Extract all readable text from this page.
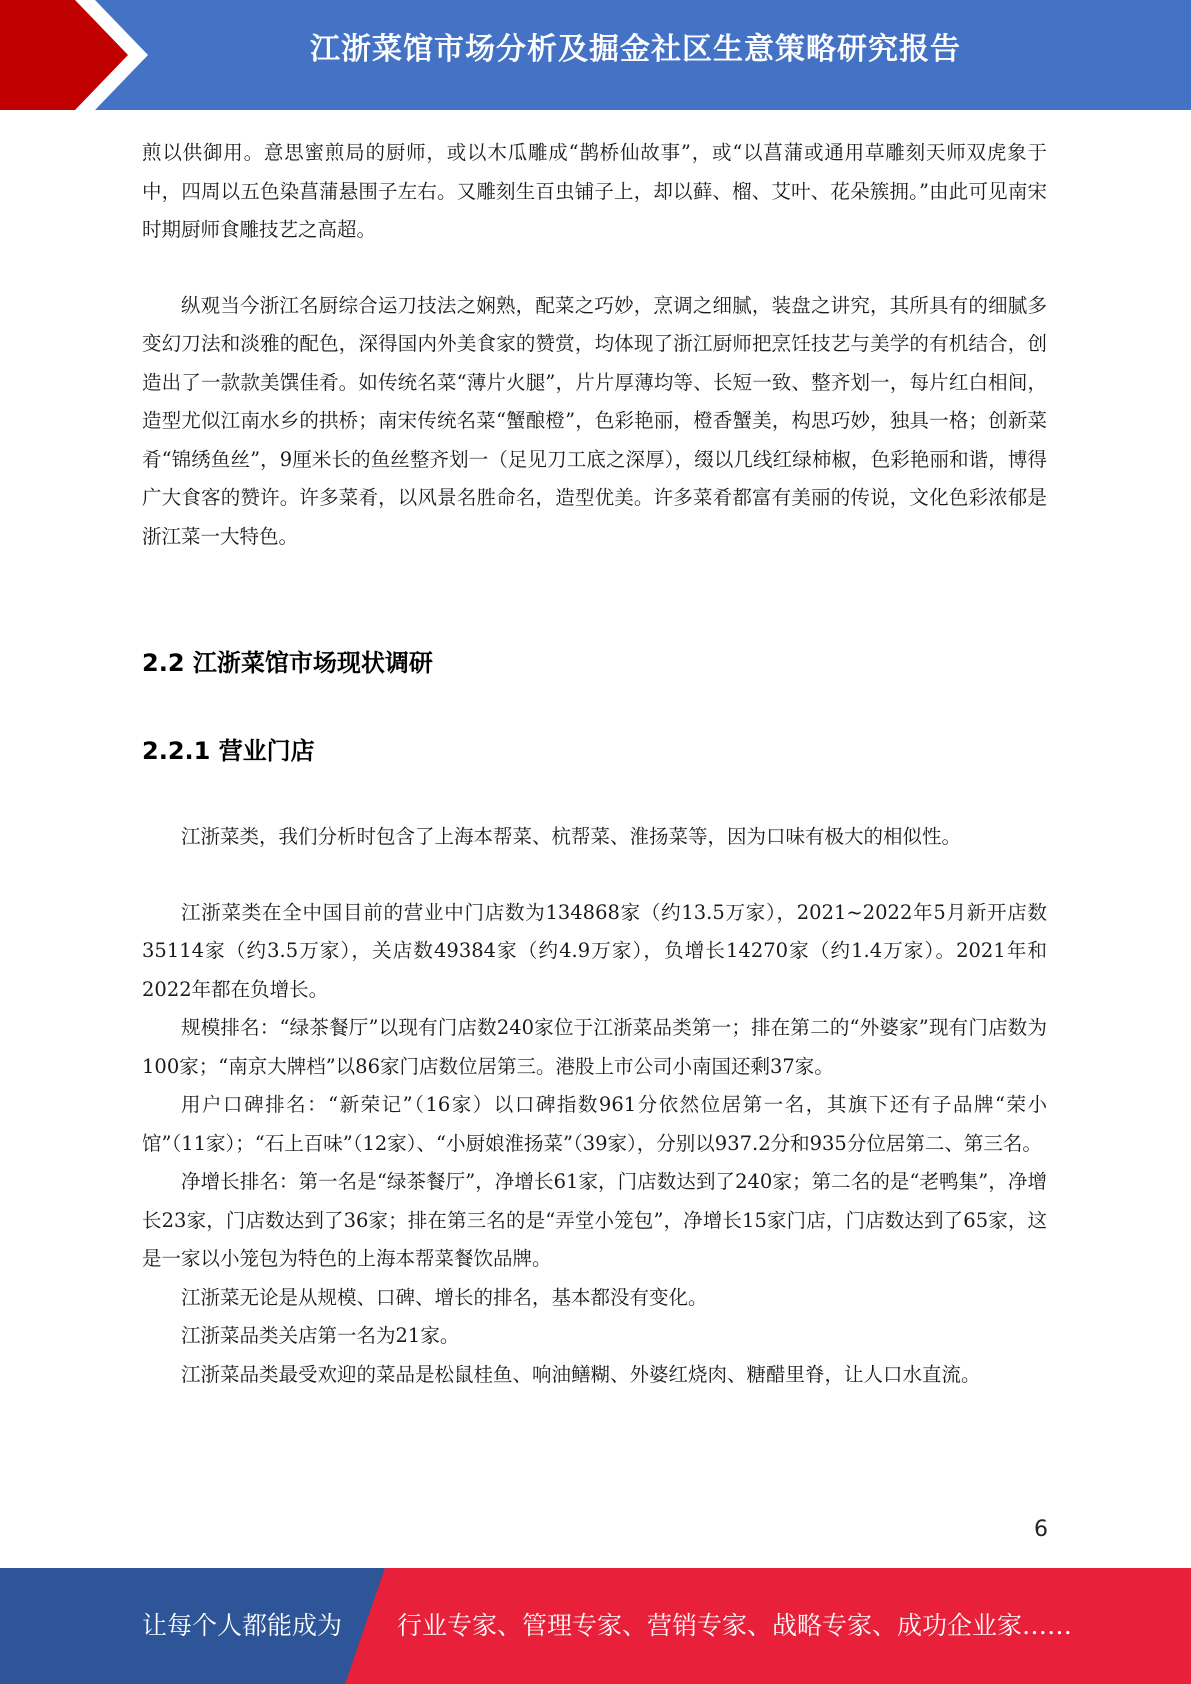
江浙菜馆市场分析及掘金社区生意策略研究报告

煎以供御用。意思蜜煎局的厨师，或以木瓜雕成“鹊桥仙故事”，或“以菖蒲或通用草雕刻天师双虎象于中，四周以五色染菖蒲悬围子左右。又雕刻生百虫铺子上，却以藓、榴、艾叶、花朵簇拥。”由此可见南宋时期厨师食雕技艺之高超。

纵观当今浙江名厨综合运刀技法之娴熟，配菜之巧妙，烹调之细腻，装盘之讲究，其所具有的细腻多变幻刀法和淡雅的配色，深得国内外美食家的赞赏，均体现了浙江厨师把烹饪技艺与美学的有机结合，创造出了一款款美馔佳肴。如传统名菜“薄片火腿”，片片厚薄均等、长短一致、整齐划一，每片红白相间，造型尤似江南水乡的拱桥；南宋传统名菜“蟹酿橙”，色彩艳丽，橙香蟹美，构思巧妙，独具一格；创新菜肴“锦绣鱼丝”，9厘米长的鱼丝整齐划一（足见刀工底之深厚），缀以几线红绿柿椒，色彩艳丽和谐，博得广大食客的赞许。许多菜肴，以风景名胜命名，造型优美。许多菜肴都富有美丽的传说，文化色彩浓郁是浙江菜一大特色。

2.2 江浙菜馆市场现状调研
2.2.1 营业门店

江浙菜类，我们分析时包含了上海本帮菜、杭帮菜、淮扬菜等，因为口味有极大的相似性。

江浙菜类在全中国目前的营业中门店数为134868家（约13.5万家），2021~2022年5月新开店数35114家（约3.5万家），关店数49384家（约4.9万家），负增长14270家（约1.4万家）。2021年和2022年都在负增长。

规模排名：“绿茶餐厅”以现有门店数240家位于江浙菜品类第一；排在第二的“外婆家”现有门店数为100家；“南京大牌档”以86家门店数位居第三。港股上市公司小南国还剩37家。

用户口碑排名：“新荣记”（16家）以口碑指数961分依然位居第一名，其旗下还有子品牌“荣小馆”（11家）；“石上百味”（12家）、“小厨娘淮扬菜”（39家），分别以937.2分和935分位居第二、第三名。

净增长排名：第一名是“绿茶餐厅”，净增长61家，门店数达到了240家；第二名的是“老鸭集”，净增长23家，门店数达到了36家；排在第三名的是“弄堂小笼包”，净增长15家门店，门店数达到了65家，这是一家以小笼包为特色的上海本帮菜餐饮品牌。

江浙菜无论是从规模、口碑、增长的排名，基本都没有变化。

江浙菜品类关店第一名为21家。

江浙菜品类最受欢迎的菜品是松鼠桂鱼、响油鳝糊、外婆红烧肉、糖醋里脊，让人口水直流。

6
让每个人都能成为 行业专家、管理专家、营销专家、战略专家、成功企业家……
